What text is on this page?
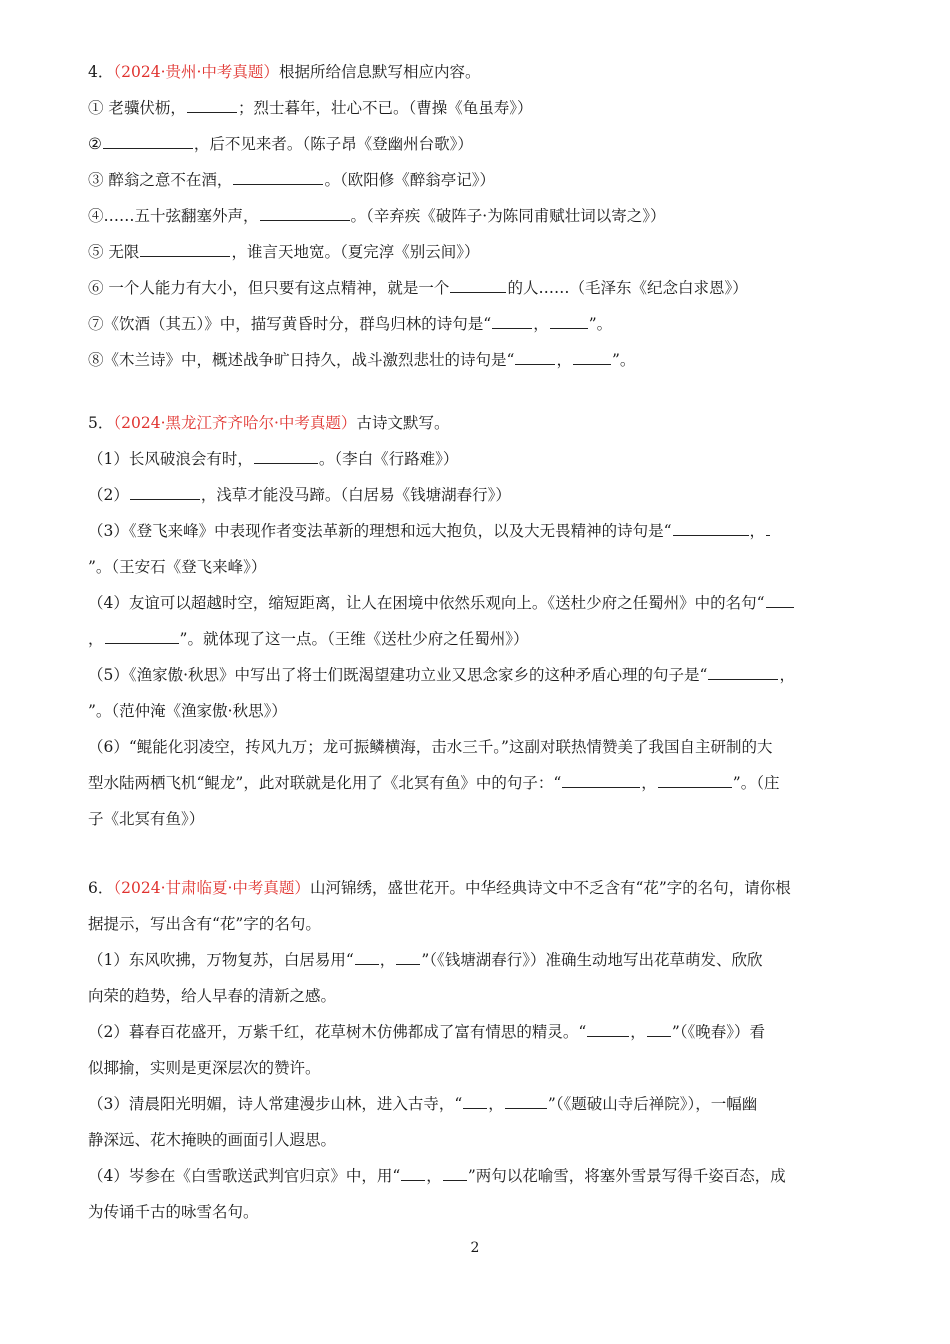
4．（2024·贵州·中考真题）根据所给信息默写相应内容。
① 老骥伏枥，	；烈士暮年，壮心不已。（曹操《龟虽寿》）
②	，后不见来者。（陈子昂《登幽州台歌》）
③ 醉翁之意不在酒，	。（欧阳修《醉翁亭记》）
④……五十弦翻塞外声，	。（辛弃疾《破阵子·为陈同甫赋壮词以寄之》）
⑤ 无限	，谁言天地宽。（夏完淳《别云间》）
⑥ 一个人能力有大小，但只要有这点精神，就是一个	的人……（毛泽东《纪念白求恩》）
⑦《饮酒（其五）》中，描写黄昏时分，群鸟归林的诗句是“	，	”。
⑧《木兰诗》中，概述战争旷日持久，战斗激烈悲壮的诗句是“	，	”。
5．（2024·黑龙江齐齐哈尔·中考真题）古诗文默写。
（1）长风破浪会有时，	。（李白《行路难》）
（2）	，浅草才能没马蹄。（白居易《钱塘湖春行》）
（3）《登飞来峰》中表现作者变法革新的理想和远大抱负，以及大无畏精神的诗句是“	，
”。（王安石《登飞来峰》）
（4）友谊可以超越时空，缩短距离，让人在困境中依然乐观向上。《送杜少府之任蜀州》中的名句“
，	”。就体现了这一点。（王维《送杜少府之任蜀州》）
（5）《渔家傲·秋思》中写出了将士们既渴望建功立业又思念家乡的这种矛盾心理的句子是“	，
”。（范仲淹《渔家傲·秋思》）
（6）“鲲能化羽凌空，抟风九万；龙可振鳞横海，击水三千。”这副对联热情赞美了我国自主研制的大
型水陆两栖飞机“鲲龙”，此对联就是化用了《北冥有鱼》中的句子：“	，	”。（庄
子《北冥有鱼》）
6．（2024·甘肃临夏·中考真题）山河锦绣，盛世花开。中华经典诗文中不乏含有“花”字的名句，请你根
据提示，写出含有“花”字的名句。
（1）东风吹拂，万物复苏，白居易用“ ， ”（《钱塘湖春行》）准确生动地写出花草萌发、欣欣
向荣的趋势，给人早春的清新之感。
（2）暮春百花盛开，万紫千红，花草树木仿佛都成了富有情思的精灵。“	， ”（《晚春》）看
似揶揄，实则是更深层次的赞许。
（3）清晨阳光明媚，诗人常建漫步山林，进入古寺，“ ，	”（《题破山寺后禅院》），一幅幽
静深远、花木掩映的画面引人遐思。
（4）岑参在《白雪歌送武判官归京》中，用“ ， ”两句以花喻雪，将塞外雪景写得千姿百态，成
为传诵千古的咏雪名句。
2
